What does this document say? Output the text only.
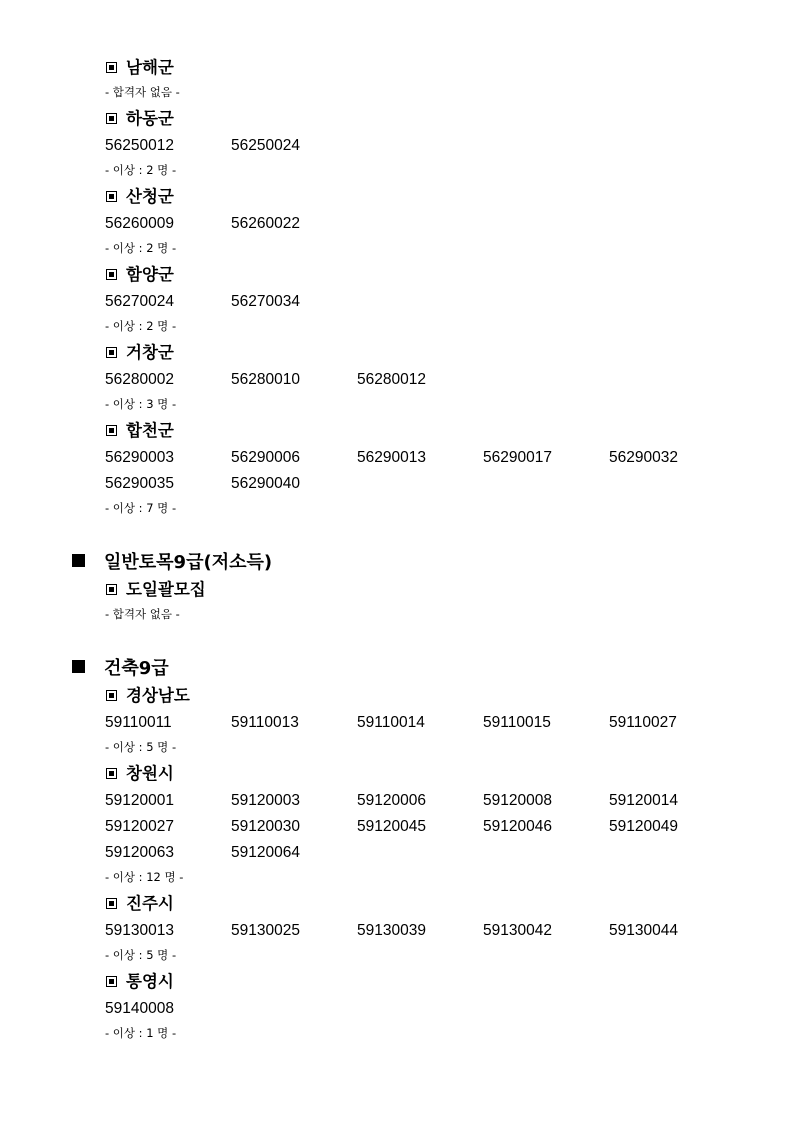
남해군
- 합격자 없음 -
하동군
56250012	56250024
- 이상 : 2 명 -
산청군
56260009	56260022
- 이상 : 2 명 -
함양군
56270024	56270034
- 이상 : 2 명 -
거창군
56280002	56280010	56280012
- 이상 : 3 명 -
합천군
56290003	56290006	56290013	56290017	56290032
56290035	56290040
- 이상 : 7 명 -
일반토목9급(저소득)
도일괄모집
- 합격자 없음 -
건축9급
경상남도
59110011	59110013	59110014	59110015	59110027
- 이상 : 5 명 -
창원시
59120001	59120003	59120006	59120008	59120014
59120027	59120030	59120045	59120046	59120049
59120063	59120064
- 이상 : 12 명 -
진주시
59130013	59130025	59130039	59130042	59130044
- 이상 : 5 명 -
통영시
59140008
- 이상 : 1 명 -
